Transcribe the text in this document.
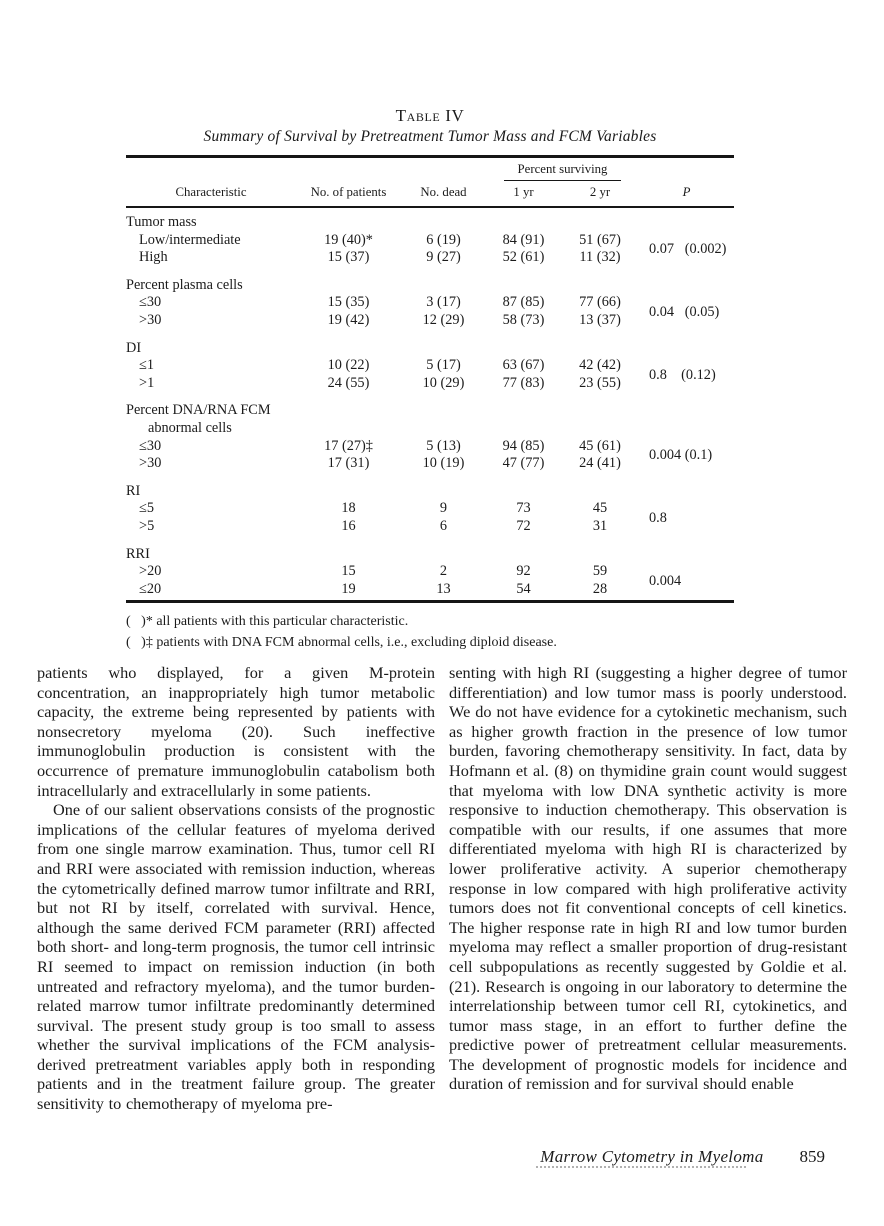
Table IV
Summary of Survival by Pretreatment Tumor Mass and FCM Variables
			Percent surviving		
Characteristic	No. of patients	No. dead	1 yr	2 yr	P
Tumor mass					
Low/intermediate	19 (40)*	6 (19)	84 (91)	51 (67)	0.07   (0.002)
High	15 (37)	9 (27)	52 (61)	11 (32)	
Percent plasma cells					
≤30	15 (35)	3 (17)	87 (85)	77 (66)	0.04   (0.05)
>30	19 (42)	12 (29)	58 (73)	13 (37)	
DI					
≤1	10 (22)	5 (17)	63 (67)	42 (42)	0.8    (0.12)
>1	24 (55)	10 (29)	77 (83)	23 (55)	
Percent DNA/RNA FCM					
abnormal cells					
≤30	17 (27)‡	5 (13)	94 (85)	45 (61)	0.004 (0.1)
>30	17 (31)	10 (19)	47 (77)	24 (41)	
RI					
≤5	18	9	73	45	0.8
>5	16	6	72	31	
RRI					
>20	15	2	92	59	0.004
≤20	19	13	54	28	
(   )* all patients with this particular characteristic.
(   )‡ patients with DNA FCM abnormal cells, i.e., excluding diploid disease.

patients who displayed, for a given M-protein concentration, an inappropriately high tumor metabolic capacity, the extreme being represented by patients with nonsecretory myeloma (20). Such ineffective immunoglobulin production is consistent with the occurrence of premature immunoglobulin catabolism both intracellularly and extracellularly in some patients.

One of our salient observations consists of the prognostic implications of the cellular features of myeloma derived from one single marrow examination. Thus, tumor cell RI and RRI were associated with remission induction, whereas the cytometrically defined marrow tumor infiltrate and RRI, but not RI by itself, correlated with survival. Hence, although the same derived FCM parameter (RRI) affected both short- and long-term prognosis, the tumor cell intrinsic RI seemed to impact on remission induction (in both untreated and refractory myeloma), and the tumor burden-related marrow tumor infiltrate predominantly determined survival. The present study group is too small to assess whether the survival implications of the FCM analysis-derived pretreatment variables apply both in responding patients and in the treatment failure group. The greater sensitivity to chemotherapy of myeloma pre-

senting with high RI (suggesting a higher degree of tumor differentiation) and low tumor mass is poorly understood. We do not have evidence for a cytokinetic mechanism, such as higher growth fraction in the presence of low tumor burden, favoring chemotherapy sensitivity. In fact, data by Hofmann et al. (8) on thymidine grain count would suggest that myeloma with low DNA synthetic activity is more responsive to induction chemotherapy. This observation is compatible with our results, if one assumes that more differentiated myeloma with high RI is characterized by lower proliferative activity. A superior chemotherapy response in low compared with high proliferative activity tumors does not fit conventional concepts of cell kinetics. The higher response rate in high RI and low tumor burden myeloma may reflect a smaller proportion of drug-resistant cell subpopulations as recently suggested by Goldie et al. (21). Research is ongoing in our laboratory to determine the interrelationship between tumor cell RI, cytokinetics, and tumor mass stage, in an effort to further define the predictive power of pretreatment cellular measurements. The development of prognostic models for incidence and duration of remission and for survival should enable

Marrow Cytometry in Myeloma 859
